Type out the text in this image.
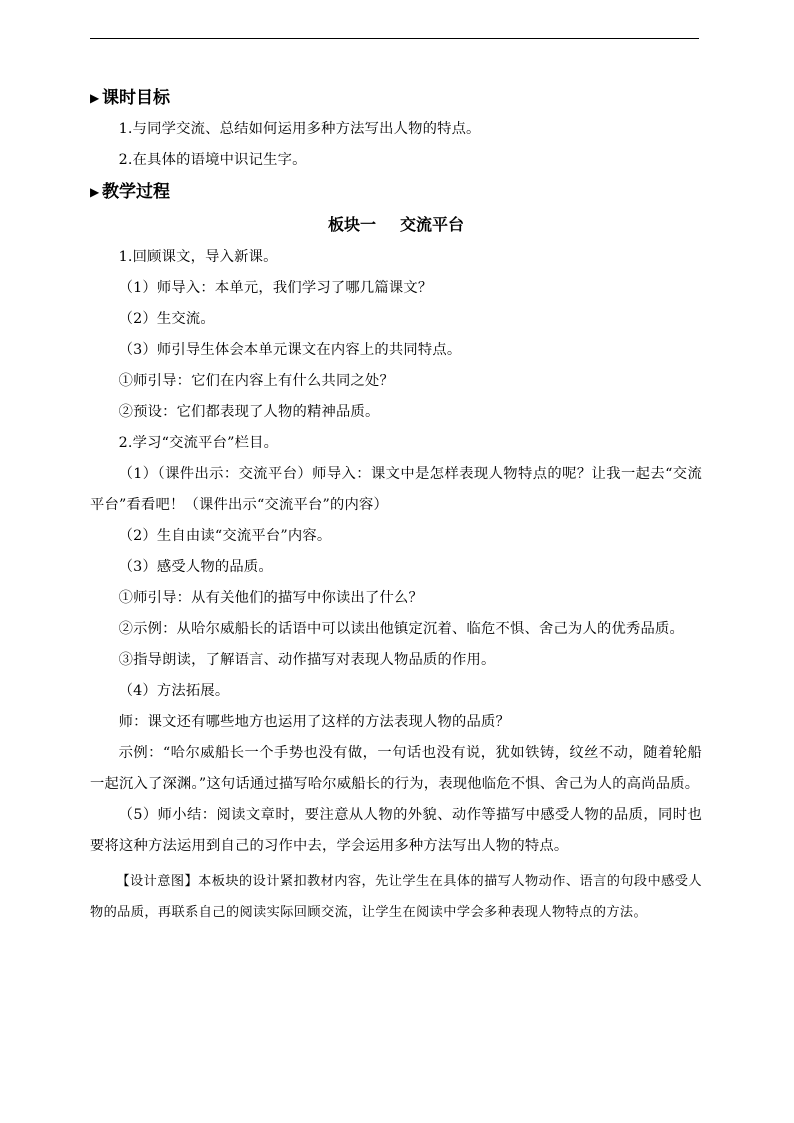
▶ 课时目标

1.与同学交流、总结如何运用多种方法写出人物的特点。

2.在具体的语境中识记生字。

▶ 教学过程
板块一 交流平台

1.回顾课文，导入新课。

（1）师导入：本单元，我们学习了哪几篇课文？

（2）生交流。

（3）师引导生体会本单元课文在内容上的共同特点。

①师引导：它们在内容上有什么共同之处？

②预设：它们都表现了人物的精神品质。

2.学习“交流平台”栏目。

（1）（课件出示：交流平台）师导入：课文中是怎样表现人物特点的呢？让我一起去“交流平台”看看吧！（课件出示“交流平台”的内容）

（2）生自由读“交流平台”内容。

（3）感受人物的品质。

①师引导：从有关他们的描写中你读出了什么？

②示例：从哈尔威船长的话语中可以读出他镇定沉着、临危不惧、舍己为人的优秀品质。

③指导朗读，了解语言、动作描写对表现人物品质的作用。

（4）方法拓展。

师：课文还有哪些地方也运用了这样的方法表现人物的品质？

示例：“哈尔威船长一个手势也没有做，一句话也没有说，犹如铁铸，纹丝不动，随着轮船一起沉入了深渊。”这句话通过描写哈尔威船长的行为，表现他临危不惧、舍己为人的高尚品质。

（5）师小结：阅读文章时，要注意从人物的外貌、动作等描写中感受人物的品质，同时也要将这种方法运用到自己的习作中去，学会运用多种方法写出人物的特点。

【设计意图】本板块的设计紧扣教材内容，先让学生在具体的描写人物动作、语言的句段中感受人物的品质，再联系自己的阅读实际回顾交流，让学生在阅读中学会多种表现人物特点的方法。
